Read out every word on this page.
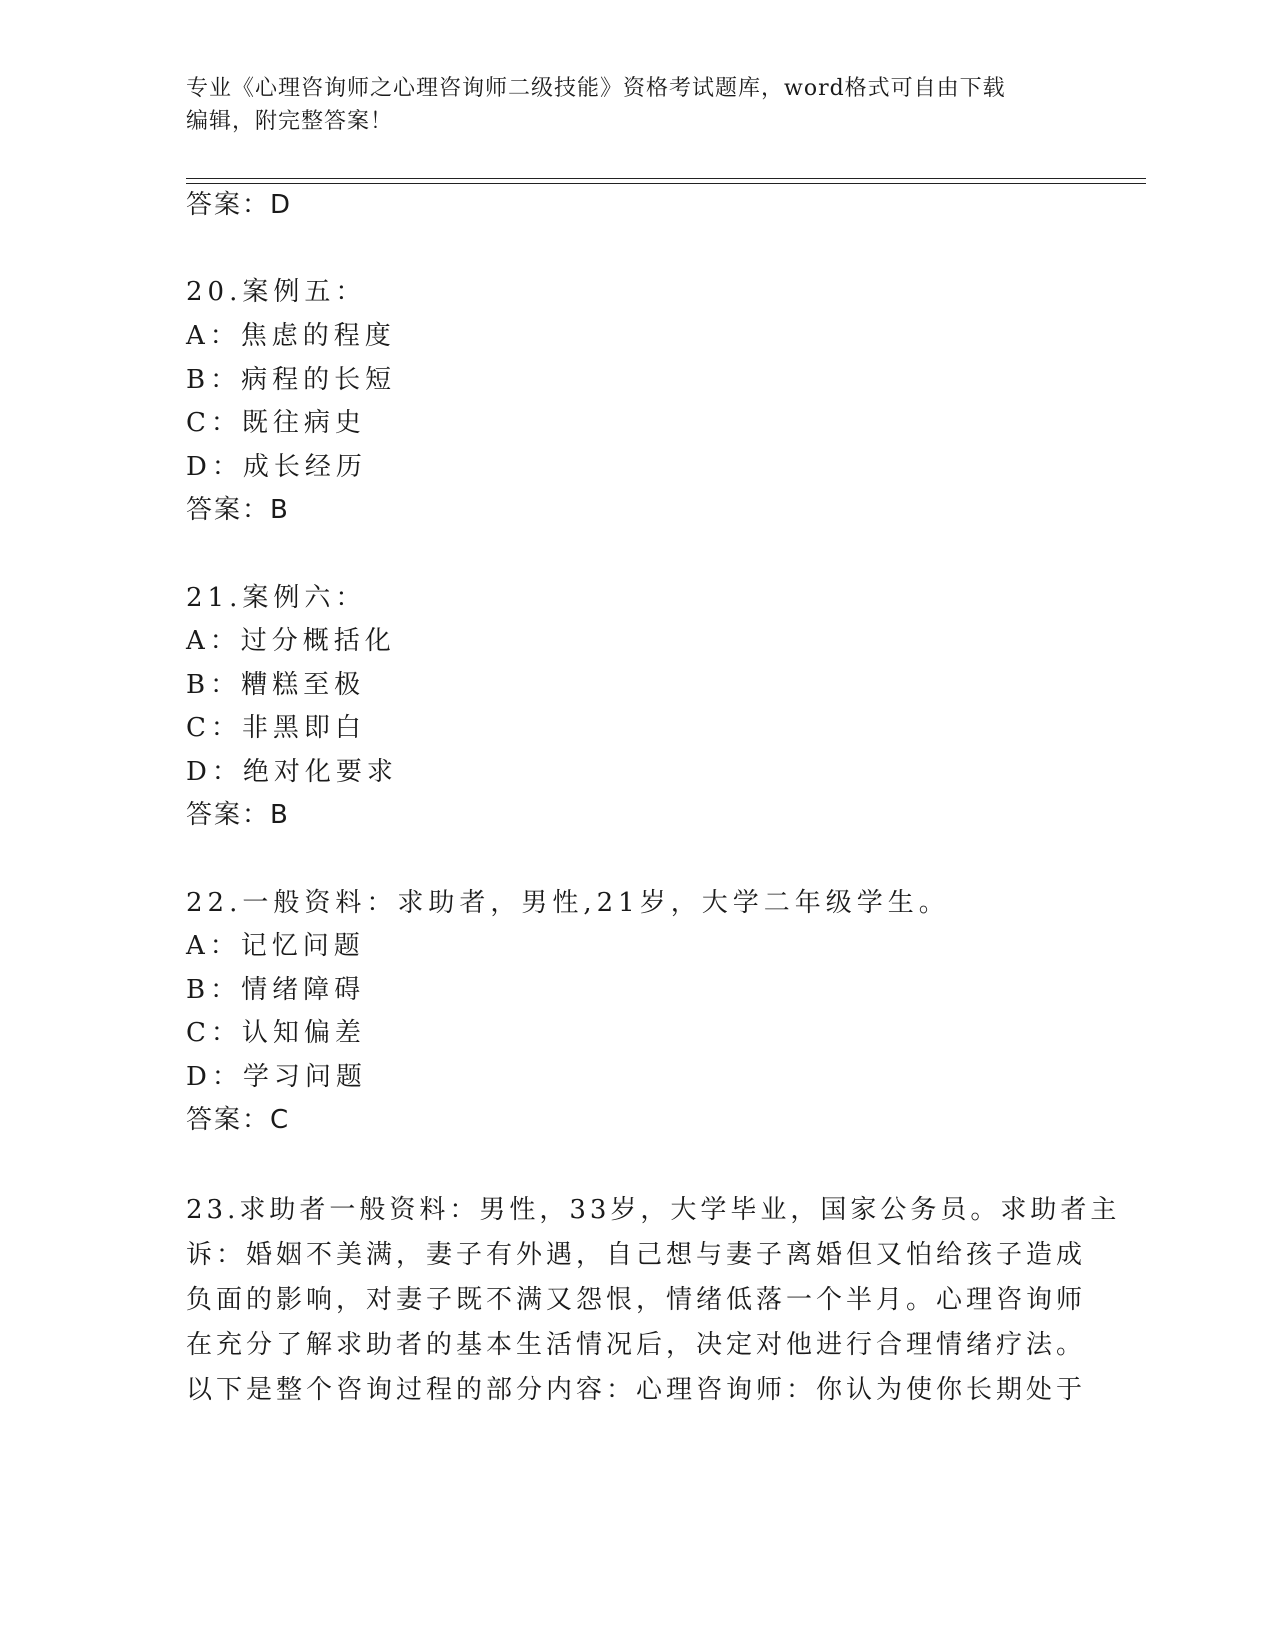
专业《心理咨询师之心理咨询师二级技能》资格考试题库，word格式可自由下载
编辑，附完整答案！
答案：D
20.案例五：
A：焦虑的程度
B：病程的长短
C：既往病史
D：成长经历
答案：B
21.案例六：
A：过分概括化
B：糟糕至极
C：非黑即白
D：绝对化要求
答案：B
22.一般资料：求助者，男性,21岁，大学二年级学生。
A：记忆问题
B：情绪障碍
C：认知偏差
D：学习问题
答案：C
23.求助者一般资料：男性，33岁，大学毕业，国家公务员。求助者主
诉：婚姻不美满，妻子有外遇，自己想与妻子离婚但又怕给孩子造成
负面的影响，对妻子既不满又怨恨，情绪低落一个半月。心理咨询师
在充分了解求助者的基本生活情况后，决定对他进行合理情绪疗法。
以下是整个咨询过程的部分内容：心理咨询师：你认为使你长期处于
